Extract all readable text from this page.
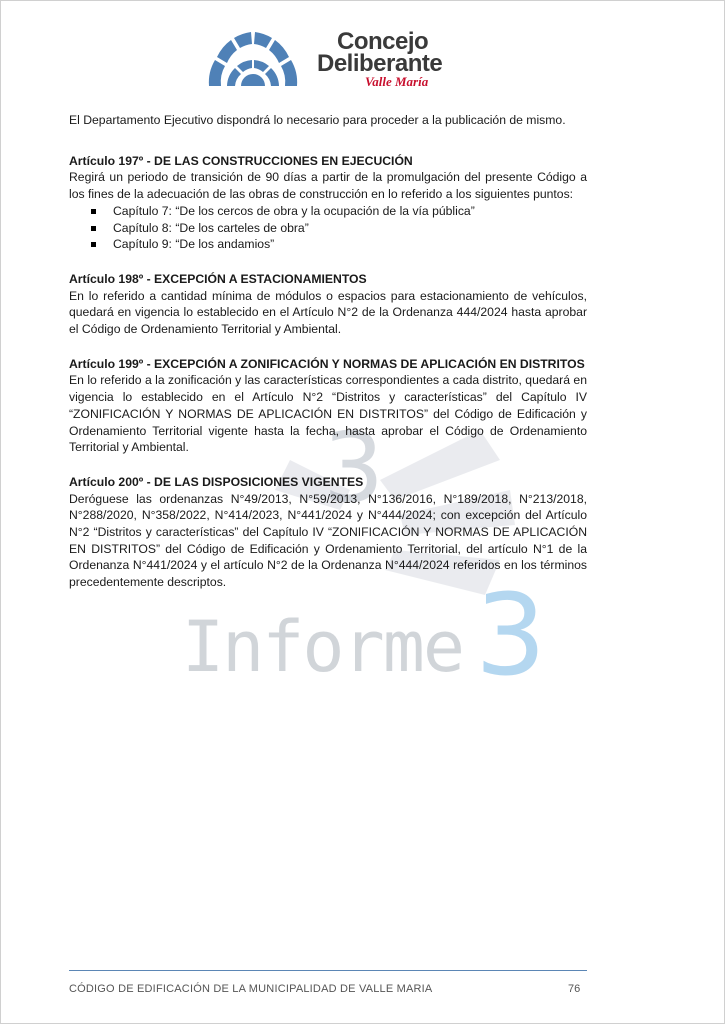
Concejo
Deliberante
Valle María
3
Informe 3

El Departamento Ejecutivo dispondrá lo necesario para proceder a la publicación de mismo.

Artículo 197º - DE LAS CONSTRUCCIONES EN EJECUCIÓN

Regirá un periodo de transición de 90 días a partir de la promulgación del presente Código a los fines de la adecuación de las obras de construcción en lo referido a los siguientes puntos:

Capítulo 7: “De los cercos de obra y la ocupación de la vía pública”
Capítulo 8: “De los carteles de obra”
Capítulo 9: “De los andamios”
Artículo 198º - EXCEPCIÓN A ESTACIONAMIENTOS

En lo referido a cantidad mínima de módulos o espacios para estacionamiento de vehículos, quedará en vigencia lo establecido en el Artículo N°2 de la Ordenanza 444/2024 hasta aprobar el Código de Ordenamiento Territorial y Ambiental.

Artículo 199º - EXCEPCIÓN A ZONIFICACIÓN Y NORMAS DE APLICACIÓN EN DISTRITOS

En lo referido a la zonificación y las características correspondientes a cada distrito, quedará en vigencia lo establecido en el Artículo N°2 “Distritos y características” del Capítulo IV “ZONIFICACIÓN Y NORMAS DE APLICACIÓN EN DISTRITOS” del Código de Edificación y Ordenamiento Territorial vigente hasta la fecha, hasta aprobar el Código de Ordenamiento Territorial y Ambiental.

Artículo 200º - DE LAS DISPOSICIONES VIGENTES

Deróguese las ordenanzas N°49/2013, N°59/2013, N°136/2016, N°189/2018, N°213/2018, N°288/2020, N°358/2022, N°414/2023, N°441/2024 y N°444/2024; con excepción del Artículo N°2 “Distritos y características” del Capítulo IV “ZONIFICACIÓN Y NORMAS DE APLICACIÓN EN DISTRITOS” del Código de Edificación y Ordenamiento Territorial, del artículo N°1 de la Ordenanza N°441/2024 y el artículo N°2 de la Ordenanza N°444/2024 referidos en los términos precedentemente descriptos.

CÓDIGO DE EDIFICACIÓN DE LA MUNICIPALIDAD DE VALLE MARIA	76
